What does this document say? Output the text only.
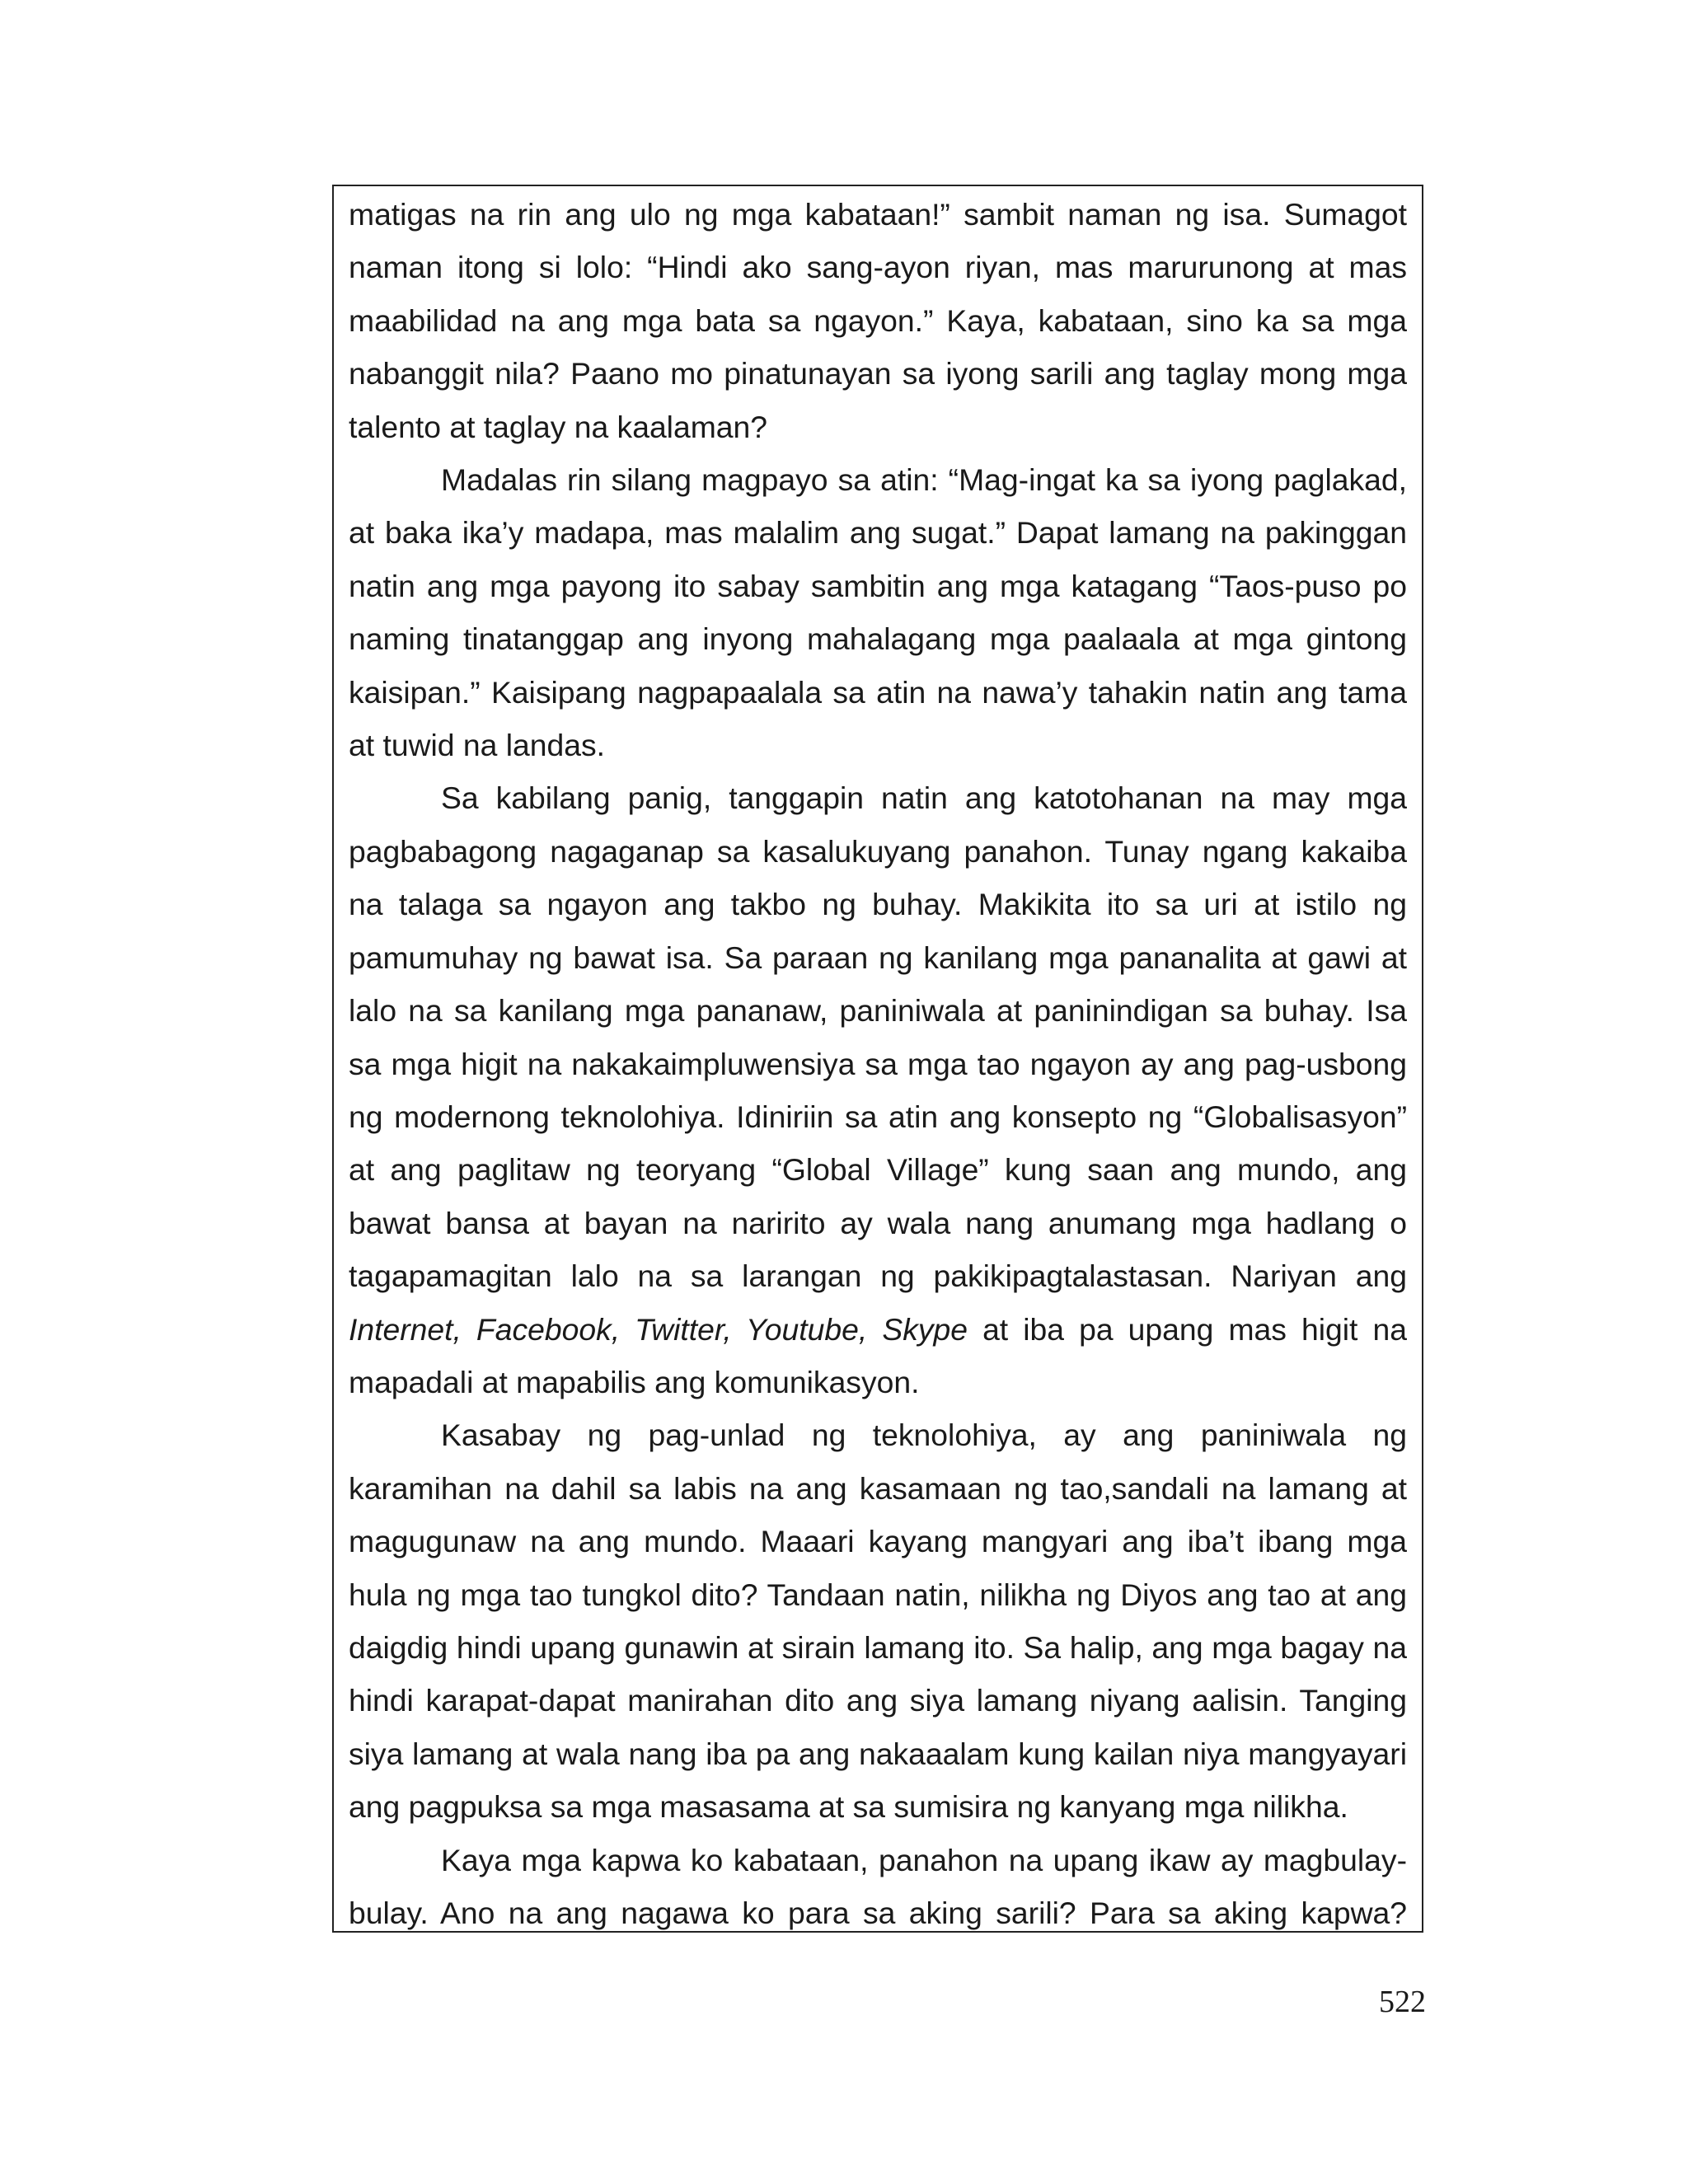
matigas na rin ang ulo ng mga kabataan!” sambit naman ng isa. Sumagot
naman itong si lolo: “Hindi ako sang-ayon riyan, mas marurunong at mas
maabilidad na ang mga bata sa ngayon.” Kaya, kabataan, sino ka sa mga
nabanggit nila? Paano mo pinatunayan sa iyong sarili ang taglay mong mga
talento at taglay na kaalaman?

Madalas rin silang magpayo sa atin: “Mag-ingat ka sa iyong paglakad,
at baka ika’y madapa, mas malalim ang sugat.” Dapat lamang na pakinggan
natin ang mga payong ito sabay sambitin ang mga katagang “Taos-puso po
naming tinatanggap ang inyong mahalagang mga paalaala at mga gintong
kaisipan.” Kaisipang nagpapaalala sa atin na nawa’y tahakin natin ang tama
at tuwid na landas.

Sa kabilang panig, tanggapin natin ang katotohanan na may mga
pagbabagong nagaganap sa kasalukuyang panahon. Tunay ngang kakaiba
na talaga sa ngayon ang takbo ng buhay. Makikita ito sa uri at istilo ng
pamumuhay ng bawat isa. Sa paraan ng kanilang mga pananalita at gawi at
lalo na sa kanilang mga pananaw, paniniwala at paninindigan sa buhay. Isa
sa mga higit na nakakaimpluwensiya sa mga tao ngayon ay ang pag-usbong
ng modernong teknolohiya. Idiniriin sa atin ang konsepto ng “Globalisasyon”
at ang paglitaw ng teoryang “Global Village” kung saan ang mundo, ang
bawat bansa at bayan na naririto ay wala nang anumang mga hadlang o
tagapamagitan lalo na sa larangan ng pakikipagtalastasan. Nariyan ang
Internet, Facebook, Twitter, Youtube, Skype at iba pa upang mas higit na
mapadali at mapabilis ang komunikasyon.

Kasabay ng pag-unlad ng teknolohiya, ay ang paniniwala ng
karamihan na dahil sa labis na ang kasamaan ng tao,sandali na lamang at
magugunaw na ang mundo. Maaari kayang mangyari ang iba’t ibang mga
hula ng mga tao tungkol dito? Tandaan natin, nilikha ng Diyos ang tao at ang
daigdig hindi upang gunawin at sirain lamang ito. Sa halip, ang mga bagay na
hindi karapat-dapat manirahan dito ang siya lamang niyang aalisin. Tanging
siya lamang at wala nang iba pa ang nakaaalam kung kailan niya mangyayari
ang pagpuksa sa mga masasama at sa sumisira ng kanyang mga nilikha.

Kaya mga kapwa ko kabataan, panahon na upang ikaw ay magbulay-
bulay. Ano na ang nagawa ko para sa aking sarili? Para sa aking kapwa?

522
